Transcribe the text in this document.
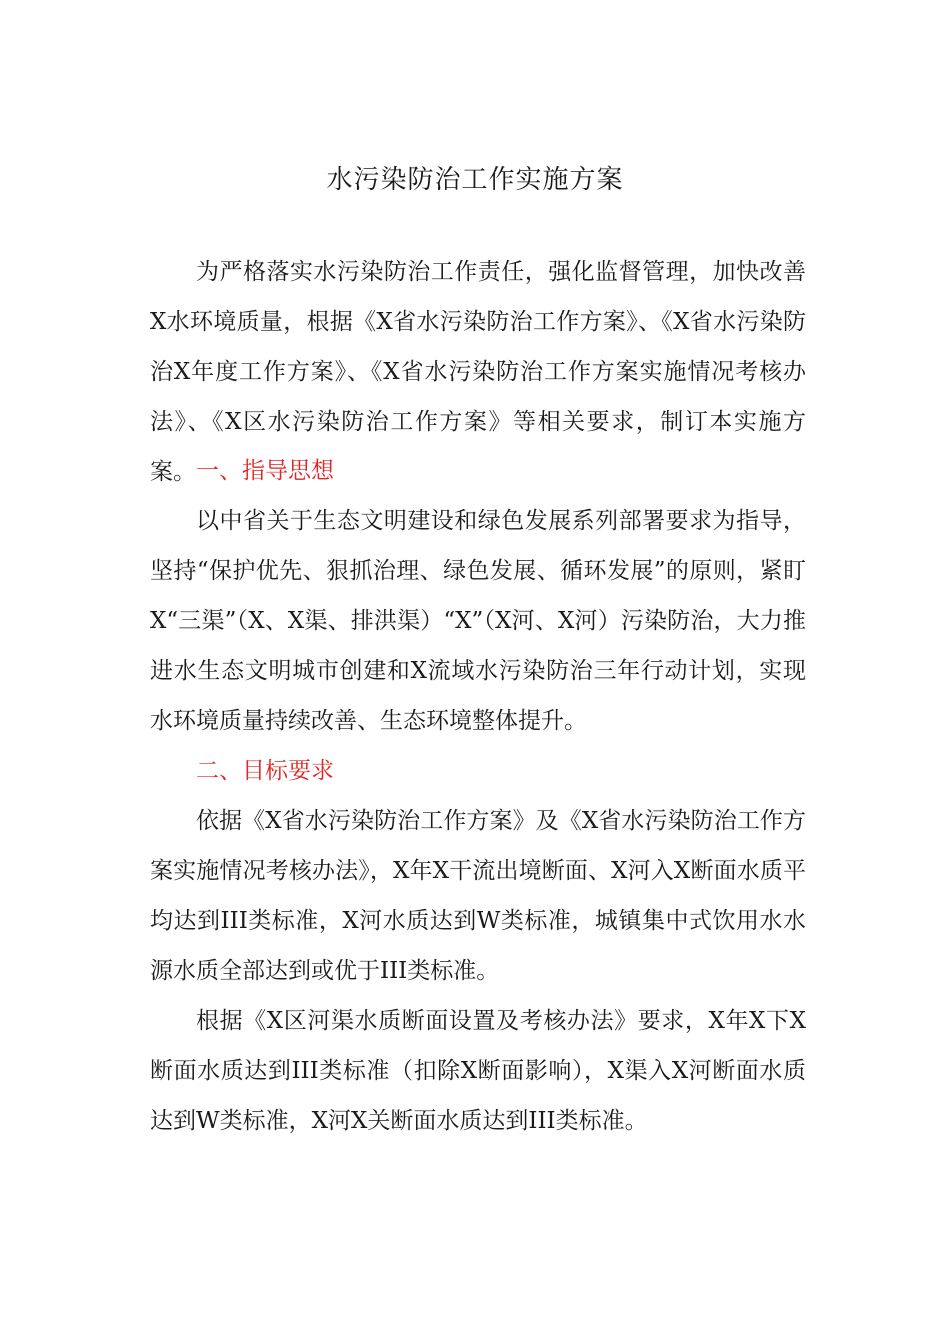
水污染防治工作实施方案

为严格落实水污染防治工作责任，强化监督管理，加快改善X水环境质量，根据《X省水污染防治工作方案》、《X省水污染防治X年度工作方案》、《X省水污染防治工作方案实施情况考核办法》、《X区水污染防治工作方案》等相关要求，制订本实施方案。 一、指导思想

以中省关于生态文明建设和绿色发展系列部署要求为指导，坚持“保护优先、狠抓治理、绿色发展、循环发展”的原则，紧盯X“三渠”（X、X渠、排洪渠）“X”（X河、X河）污染防治，大力推进水生态文明城市创建和X流域水污染防治三年行动计划，实现水环境质量持续改善、生态环境整体提升。

二、目标要求

依据《X省水污染防治工作方案》及《X省水污染防治工作方案实施情况考核办法》，X年X干流出境断面、X河入X断面水质平均达到III类标准，X河水质达到W类标准，城镇集中式饮用水水源水质全部达到或优于III类标准。

根据《X区河渠水质断面设置及考核办法》要求，X年X下X断面水质达到III类标准（扣除X断面影响），X渠入X河断面水质达到W类标准，X河X关断面水质达到III类标准。
